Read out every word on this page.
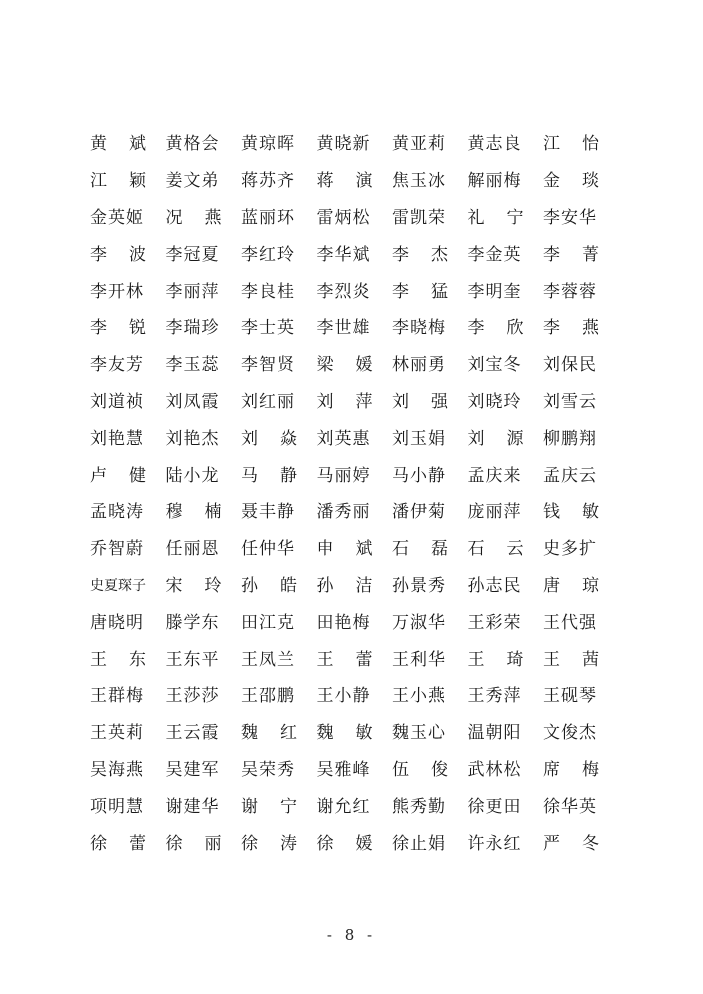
黄　斌 黄格会 黄琼晖 黄晓新 黄亚莉 黄志良 江　怡
江　颖 姜文弟 蒋苏齐 蒋　演 焦玉冰 解丽梅 金　琰
金英姬 况　燕 蓝丽环 雷炳松 雷凯荣 礼　宁 李安华
李　波 李冠夏 李红玲 李华斌 李　杰 李金英 李　菁
李开林 李丽萍 李良桂 李烈炎 李　猛 李明奎 李蓉蓉
李　锐 李瑞珍 李士英 李世雄 李晓梅 李　欣 李　燕
李友芳 李玉蕊 李智贤 梁　媛 林丽勇 刘宝冬 刘保民
刘道祯 刘凤霞 刘红丽 刘　萍 刘　强 刘晓玲 刘雪云
刘艳慧 刘艳杰 刘　焱 刘英惠 刘玉娟 刘　源 柳鹏翔
卢　健 陆小龙 马　静 马丽婷 马小静 孟庆来 孟庆云
孟晓涛 穆　楠 聂丰静 潘秀丽 潘伊菊 庞丽萍 钱　敏
乔智蔚 任丽恩 任仲华 申　斌 石　磊 石　云 史多扩
史夏琛子	宋　玲 孙　皓 孙　洁 孙景秀 孙志民 唐　琼
唐晓明 滕学东 田江克 田艳梅 万淑华 王彩荣 王代强
王　东 王东平 王凤兰 王　蕾 王利华 王　琦 王　茜
王群梅 王莎莎 王邵鹏 王小静 王小燕 王秀萍 王砚琴
王英莉 王云霞 魏　红 魏　敏 魏玉心 温朝阳 文俊杰
吴海燕 吴建军 吴荣秀 吴雅峰 伍　俊 武林松 席　梅
项明慧 谢建华 谢　宁 谢允红 熊秀勤 徐更田 徐华英
徐　蕾 徐　丽 徐　涛 徐　媛 徐止娟 许永红 严　冬
- 8 -
